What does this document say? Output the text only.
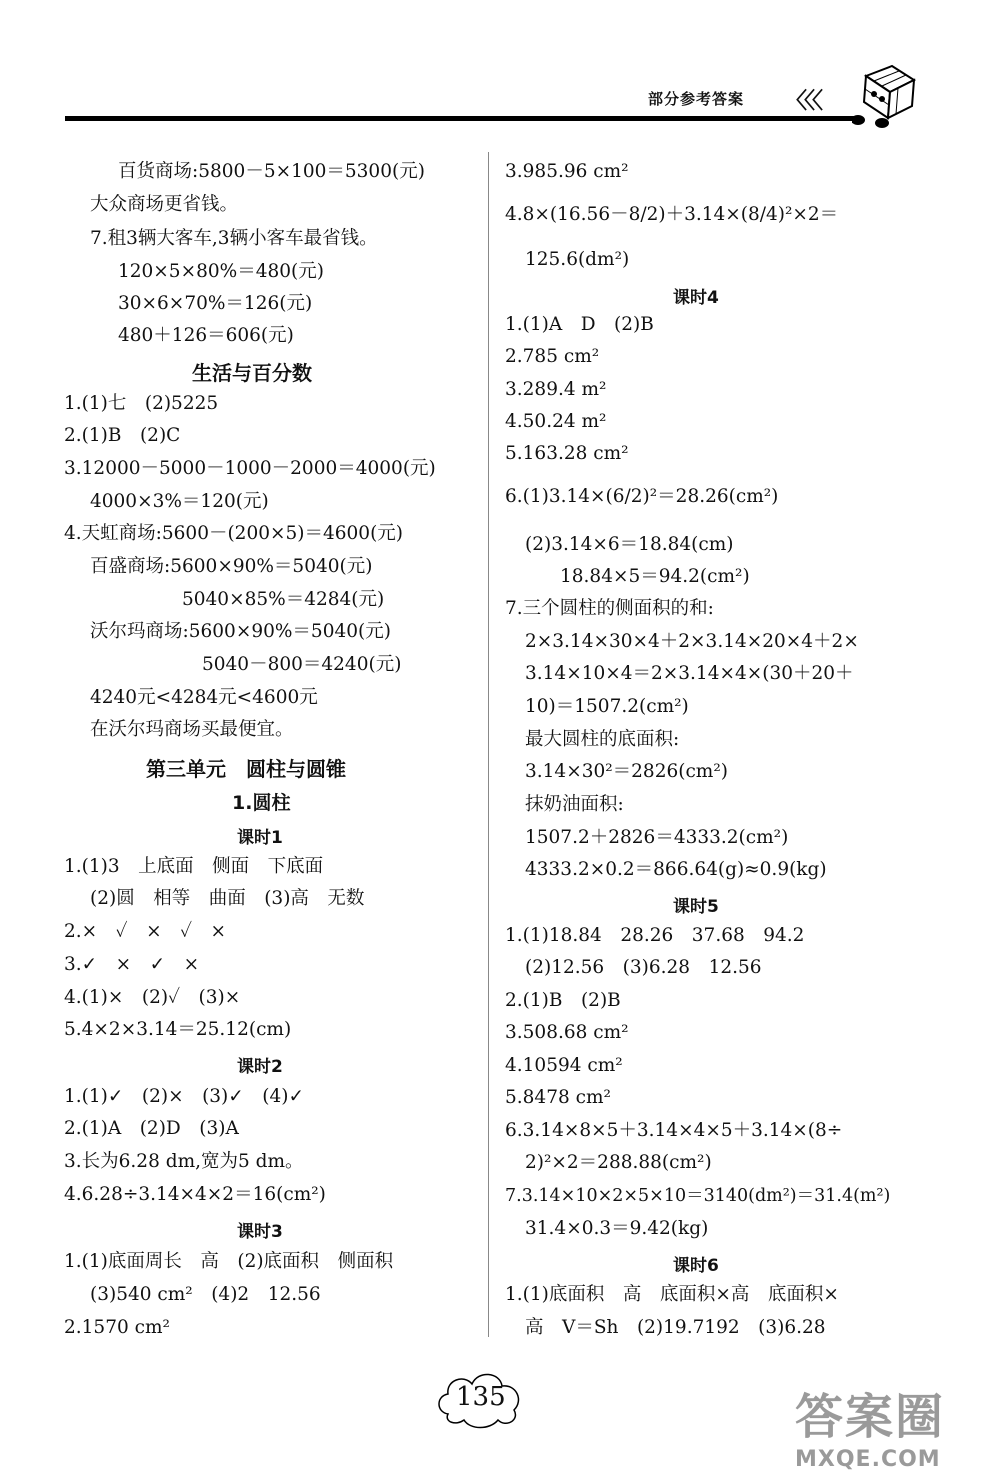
部分参考答案 〈〈〈
百货商场:5800－5×100＝5300(元)
大众商场更省钱。
7.租3辆大客车,3辆小客车最省钱。
120×5×80%＝480(元)
30×6×70%＝126(元)
480＋126＝606(元)
生活与百分数
1.(1)七　(2)5225
2.(1)B　(2)C
3.12000－5000－1000－2000＝4000(元)
4000×3%＝120(元)
4.天虹商场:5600－(200×5)＝4600(元)
百盛商场:5600×90%＝5040(元)
5040×85%＝4284(元)
沃尔玛商场:5600×90%＝5040(元)
5040－800＝4240(元)
4240元<4284元<4600元
在沃尔玛商场买最便宜。
第三单元　圆柱与圆锥
1.圆柱
课时1
1.(1)3　上底面　侧面　下底面
(2)圆　相等　曲面　(3)高　无数
2.×　✓　×　✓　×
3.✓　×　✓　×
4.(1)×　(2)✓　(3)×
5.4×2×3.14＝25.12(cm)
课时2
1.(1)✓　(2)×　(3)✓　(4)✓
2.(1)A　(2)D　(3)A
3.长为6.28 dm,宽为5 dm。
4.6.28÷3.14×4×2＝16(cm²)
课时3
1.(1)底面周长　高　(2)底面积　侧面积
(3)540 cm²　(4)2　12.56
2.1570 cm²
3.985.96 cm²
4.8×(16.56－8/2)＋3.14×(8/4)²×2＝
125.6(dm²)
课时4
1.(1)A　D　(2)B
2.785 cm²
3.289.4 m²
4.50.24 m²
5.163.28 cm²
6.(1)3.14×(6/2)²＝28.26(cm²)
(2)3.14×6＝18.84(cm)
18.84×5＝94.2(cm²)
7.三个圆柱的侧面积的和:
2×3.14×30×4＋2×3.14×20×4＋2×
3.14×10×4＝2×3.14×4×(30＋20＋
10)＝1507.2(cm²)
最大圆柱的底面积:
3.14×30²＝2826(cm²)
抹奶油面积:
1507.2＋2826＝4333.2(cm²)
4333.2×0.2＝866.64(g)≈0.9(kg)
课时5
1.(1)18.84　28.26　37.68　94.2
(2)12.56　(3)6.28　12.56
2.(1)B　(2)B
3.508.68 cm²
4.10594 cm²
5.8478 cm²
6.3.14×8×5＋3.14×4×5＋3.14×(8÷
2)²×2＝288.88(cm²)
7.3.14×10×2×5×10＝3140(dm²)＝31.4(m²)
31.4×0.3＝9.42(kg)
课时6
1.(1)底面积　高　底面积×高　底面积×
高　V＝Sh　(2)19.7192　(3)6.28
135	答案圈
MXQE.COM
